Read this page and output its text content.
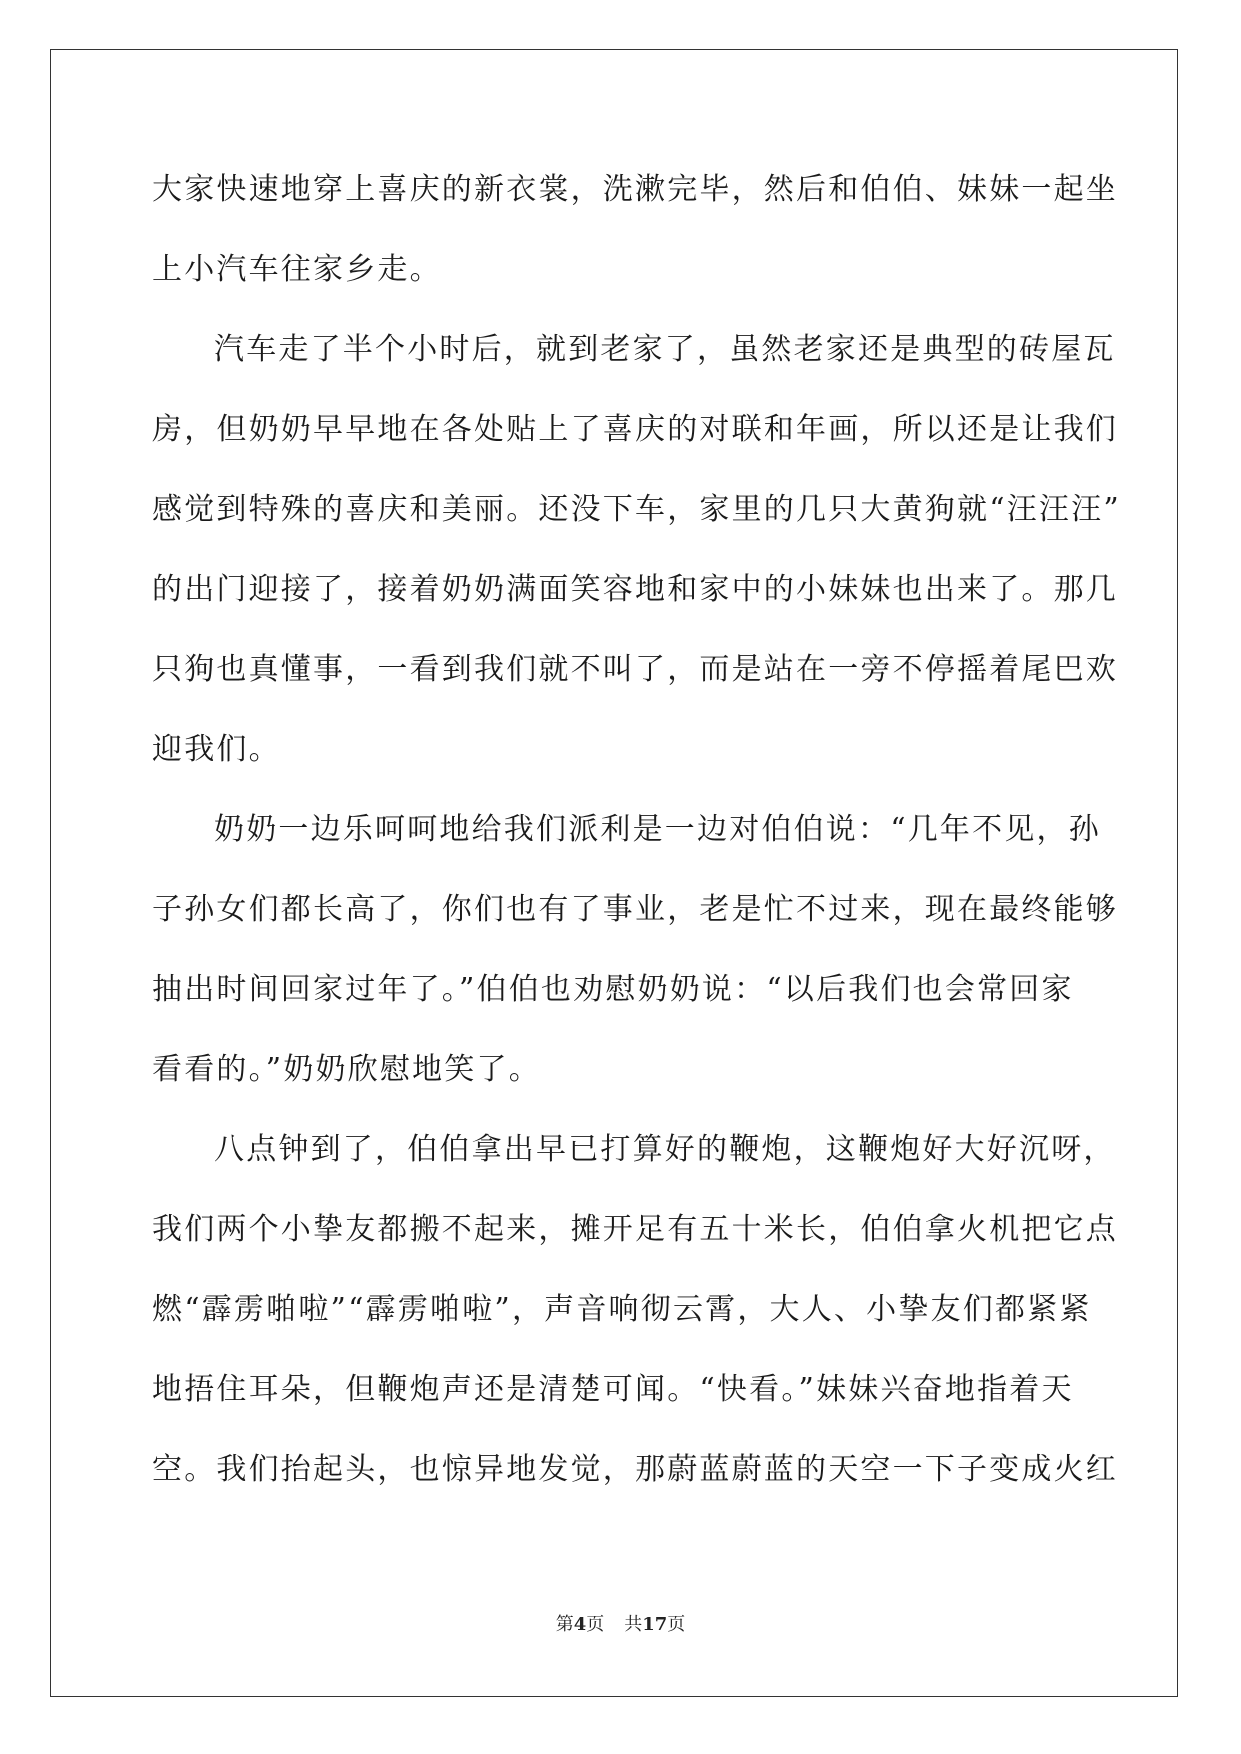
大家快速地穿上喜庆的新衣裳，洗漱完毕，然后和伯伯、妹妹一起坐
上小汽车往家乡走。
汽车走了半个小时后，就到老家了，虽然老家还是典型的砖屋瓦
房，但奶奶早早地在各处贴上了喜庆的对联和年画，所以还是让我们
感觉到特殊的喜庆和美丽。还没下车，家里的几只大黄狗就“汪汪汪”
的出门迎接了，接着奶奶满面笑容地和家中的小妹妹也出来了。那几
只狗也真懂事，一看到我们就不叫了，而是站在一旁不停摇着尾巴欢
迎我们。
奶奶一边乐呵呵地给我们派利是一边对伯伯说：“几年不见，孙
子孙女们都长高了，你们也有了事业，老是忙不过来，现在最终能够
抽出时间回家过年了。”伯伯也劝慰奶奶说：“以后我们也会常回家
看看的。”奶奶欣慰地笑了。
八点钟到了，伯伯拿出早已打算好的鞭炮，这鞭炮好大好沉呀，
我们两个小挚友都搬不起来，摊开足有五十米长，伯伯拿火机把它点
燃“霹雳啪啦”“霹雳啪啦”，声音响彻云霄，大人、小挚友们都紧紧
地捂住耳朵，但鞭炮声还是清楚可闻。“快看。”妹妹兴奋地指着天
空。我们抬起头，也惊异地发觉，那蔚蓝蔚蓝的天空一下子变成火红
第4页 共17页
